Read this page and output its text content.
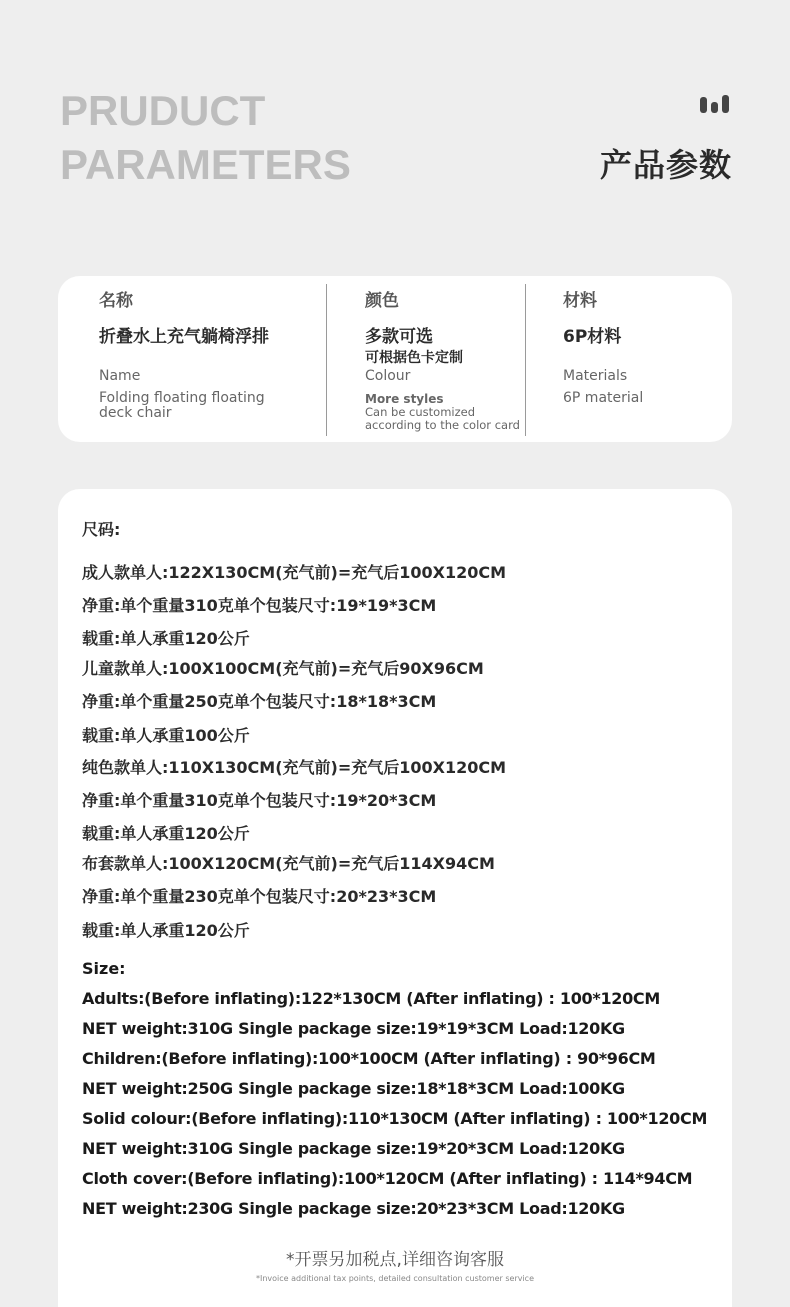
PRUDUCT
PARAMETERS	产品参数
名称
折叠水上充气躺椅浮排
Name
Folding floating floating
deck chair
颜色
多款可选
可根据色卡定制
Colour
More styles
Can be customized
according to the color card
材料
6P材料
Materials
6P material
尺码:
成人款单人:122X130CM(充气前)=充气后100X120CM
净重:单个重量310克单个包装尺寸:19*19*3CM
载重:单人承重120公斤
儿童款单人:100X100CM(充气前)=充气后90X96CM
净重:单个重量250克单个包装尺寸:18*18*3CM
载重:单人承重100公斤
纯色款单人:110X130CM(充气前)=充气后100X120CM
净重:单个重量310克单个包装尺寸:19*20*3CM
载重:单人承重120公斤
布套款单人:100X120CM(充气前)=充气后114X94CM
净重:单个重量230克单个包装尺寸:20*23*3CM
载重:单人承重120公斤
Size:
Adults:(Before inflating):122*130CM (After inflating) : 100*120CM
NET weight:310G Single package size:19*19*3CM Load:120KG
Children:(Before inflating):100*100CM (After inflating) : 90*96CM
NET weight:250G Single package size:18*18*3CM Load:100KG
Solid colour:(Before inflating):110*130CM (After inflating) : 100*120CM
NET weight:310G Single package size:19*20*3CM Load:120KG
Cloth cover:(Before inflating):100*120CM (After inflating) : 114*94CM
NET weight:230G Single package size:20*23*3CM Load:120KG
*开票另加税点,详细咨询客服
*Invoice additional tax points, detailed consultation customer service
